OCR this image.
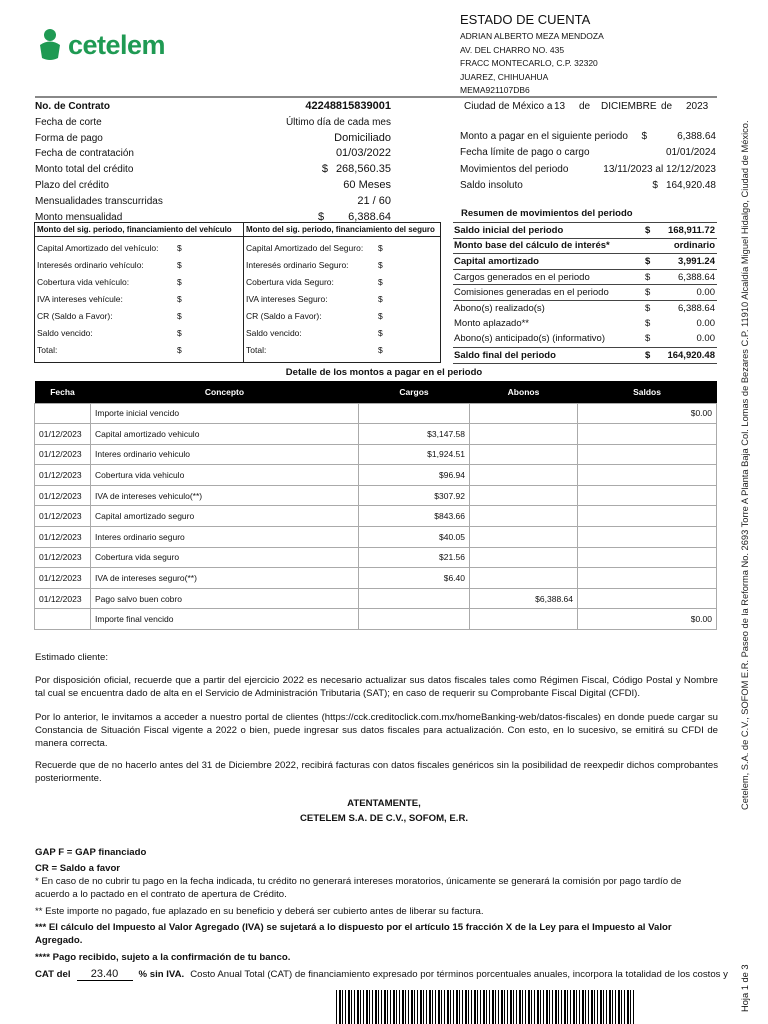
cetelem
ESTADO DE CUENTA
ADRIAN ALBERTO MEZA MENDOZA
AV. DEL CHARRO NO. 435
FRACC MONTECARLO, C.P. 32320
JUAREZ, CHIHUAHUA
MEMA921107DB6
No. de Contrato	42248815839001
Fecha de corte	Último día de cada mes
Forma de pago	Domiciliado
Fecha de contratación	01/03/2022
Monto total del crédito	$ 268,560.35
Plazo del crédito	60 Meses
Mensualidades transcurridas	21 / 60
Monto mensualidad	$ 6,388.64
Ciudad de México a 13	de	DICIEMBRE de	2023
Monto a pagar en el siguiente periodo $	6,388.64
Fecha límite de pago o cargo	01/01/2024
Movimientos del periodo	13/11/2023 al 12/12/2023
Saldo insoluto	$ 164,920.48
Monto del sig. periodo, financiamiento del vehículo
Capital Amortizado del vehículo:	$
Interesés ordinario vehículo:	$
Cobertura vida vehículo:	$
IVA intereses vehícule:	$
CR (Saldo a Favor):	$
Saldo vencido:	$
Total:	$
Monto del sig. periodo, financiamiento del seguro
Capital Amortizado del Seguro:	$
Interesés ordinario Seguro:	$
Cobertura vida Seguro:	$
IVA intereses Seguro:	$
CR (Saldo a Favor):	$
Saldo vencido:	$
Total:	$
Resumen de movimientos del periodo
Saldo inicial del periodo	$	168,911.72
Monto base del cálculo de interés*	ordinario
Capital amortizado	$	3,991.24
Cargos generados en el periodo	$	6,388.64
Comisiones generadas en el periodo	$	0.00
Abono(s) realizado(s)	$	6,388.64
Monto aplazado**	$	0.00
Abono(s) anticipado(s) (informativo)	$	0.00
Saldo final del periodo	$	164,920.48
Detalle de los montos a pagar en el periodo
Fecha	Concepto	Cargos	Abonos	Saldos
	Importe inicial vencido			$0.00
01/12/2023	Capital amortizado vehiculo	$3,147.58		
01/12/2023	Interes ordinario vehiculo	$1,924.51		
01/12/2023	Cobertura vida vehiculo	$96.94		
01/12/2023	IVA de intereses vehiculo(**)	$307.92		
01/12/2023	Capital amortizado seguro	$843.66		
01/12/2023	Interes ordinario seguro	$40.05		
01/12/2023	Cobertura vida seguro	$21.56		
01/12/2023	IVA de intereses seguro(**)	$6.40		
01/12/2023	Pago salvo buen cobro		$6,388.64	
	Importe final vencido			$0.00
Estimado cliente:
Por disposición oficial, recuerde que a partir del ejercicio 2022 es necesario actualizar sus datos fiscales tales como Régimen Fiscal, Código Postal y Nombre tal cual se encuentra dado de alta en el Servicio de Administración Tributaria (SAT); en caso de requerir su Comprobante Fiscal Digital (CFDI).
Por lo anterior, le invitamos a acceder a nuestro portal de clientes (https://cck.creditoclick.com.mx/homeBanking-web/datos-fiscales) en donde puede cargar su Constancia de Situación Fiscal vigente a 2022 o bien, puede ingresar sus datos fiscales para actualización. Con esto, en lo sucesivo, se emitirá su CFDI de manera correcta.
Recuerde que de no hacerlo antes del 31 de Diciembre 2022, recibirá facturas con datos fiscales genéricos sin la posibilidad de reexpedir dichos comprobantes posteriormente.
ATENTAMENTE,
CETELEM S.A. DE C.V., SOFOM, E.R.
GAP F = GAP financiado
CR = Saldo a favor
* En caso de no cubrir tu pago en la fecha indicada, tu crédito no generará intereses moratorios, únicamente se generará la comisión por pago tardío de acuerdo a lo pactado en el contrato de apertura de Crédito.
** Este importe no pagado, fue aplazado en su beneficio y deberá ser cubierto antes de liberar su factura.
*** El cálculo del Impuesto al Valor Agregado (IVA) se sujetará a lo dispuesto por el artículo 15 fracción X de la Ley para el Impuesto al Valor Agregado.
**** Pago recibido, sujeto a la confirmación de tu banco.
CAT del	23.40	% sin IVA. Costo Anual Total (CAT) de financiamiento expresado por términos porcentuales anuales, incorpora la totalidad de los costos y
Cetelem, S.A. de C.V., SOFOM E.R. Paseo de la Reforma No. 2693 Torre A Planta Baja Col. Lomas de Bezares C.P. 11910 Alcaldía Miguel Hidalgo, Ciudad de México.
Hoja 1 de 3
